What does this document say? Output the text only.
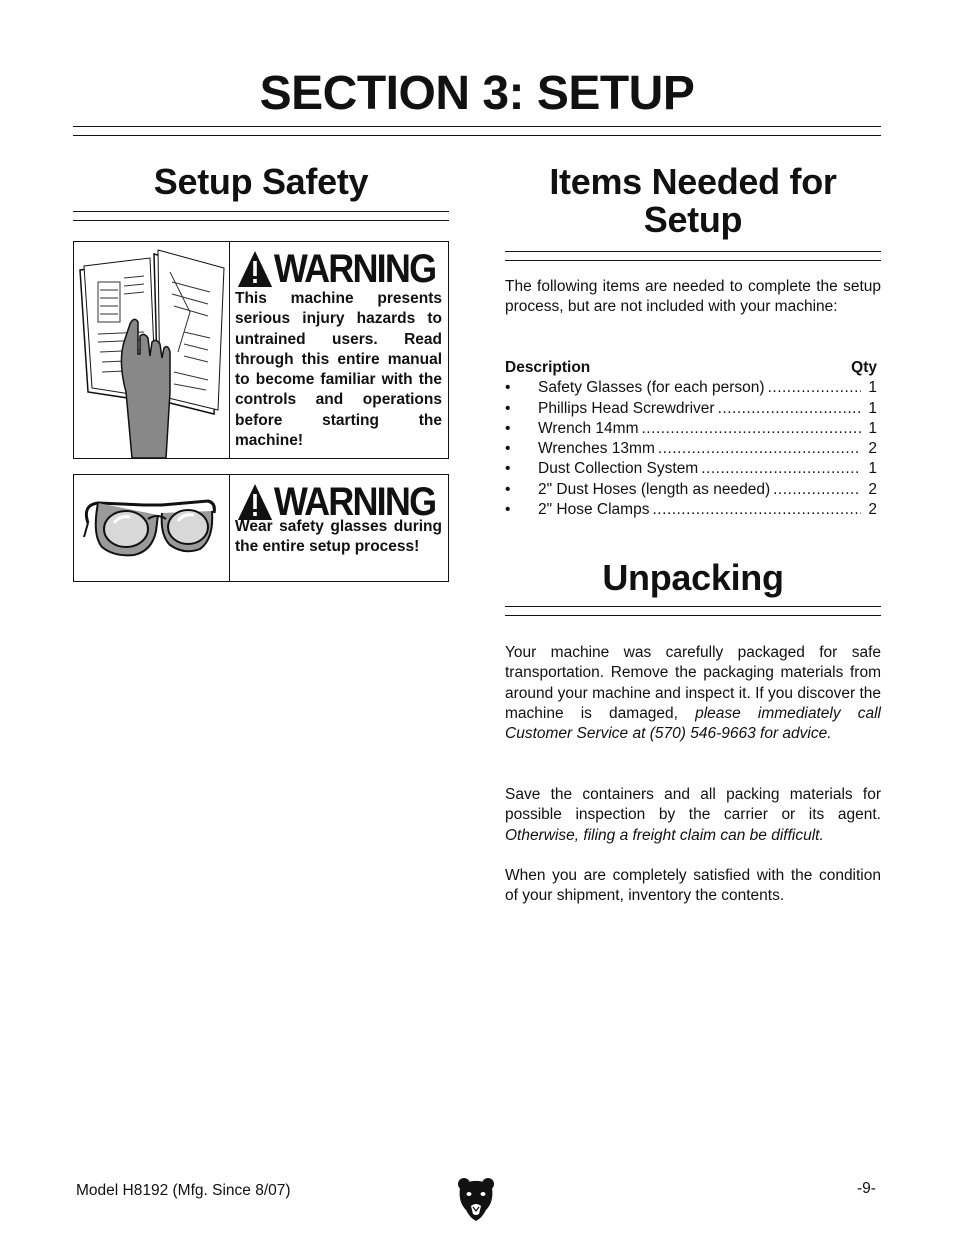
SECTION 3: SETUP
Setup Safety
WARNING
This machine presents serious injury hazards to untrained users. Read through this entire manual to become familiar with the controls and operations before starting the machine!
WARNING
Wear safety glasses during the entire setup process!
Items Needed for
Setup
The following items are needed to complete the setup process, but are not included with your machine:
Description	Qty
•	Safety Glasses (for each person) .....	1
•	Phillips Head Screwdriver .....	1
•	Wrench 14mm .....	1
•	Wrenches 13mm .....	2
•	Dust Collection System .....	1
•	2" Dust Hoses (length as needed) .....	2
•	2" Hose Clamps .....	2
Unpacking
Your machine was carefully packaged for safe transportation. Remove the packaging materials from around your machine and inspect it. If you discover the machine is damaged, please immediately call Customer Service at (570) 546-9663 for advice.
Save the containers and all packing materials for possible inspection by the carrier or its agent. Otherwise, filing a freight claim can be difficult.
When you are completely satisfied with the condition of your shipment, inventory the contents.
Model H8192 (Mfg. Since 8/07)	-9-
